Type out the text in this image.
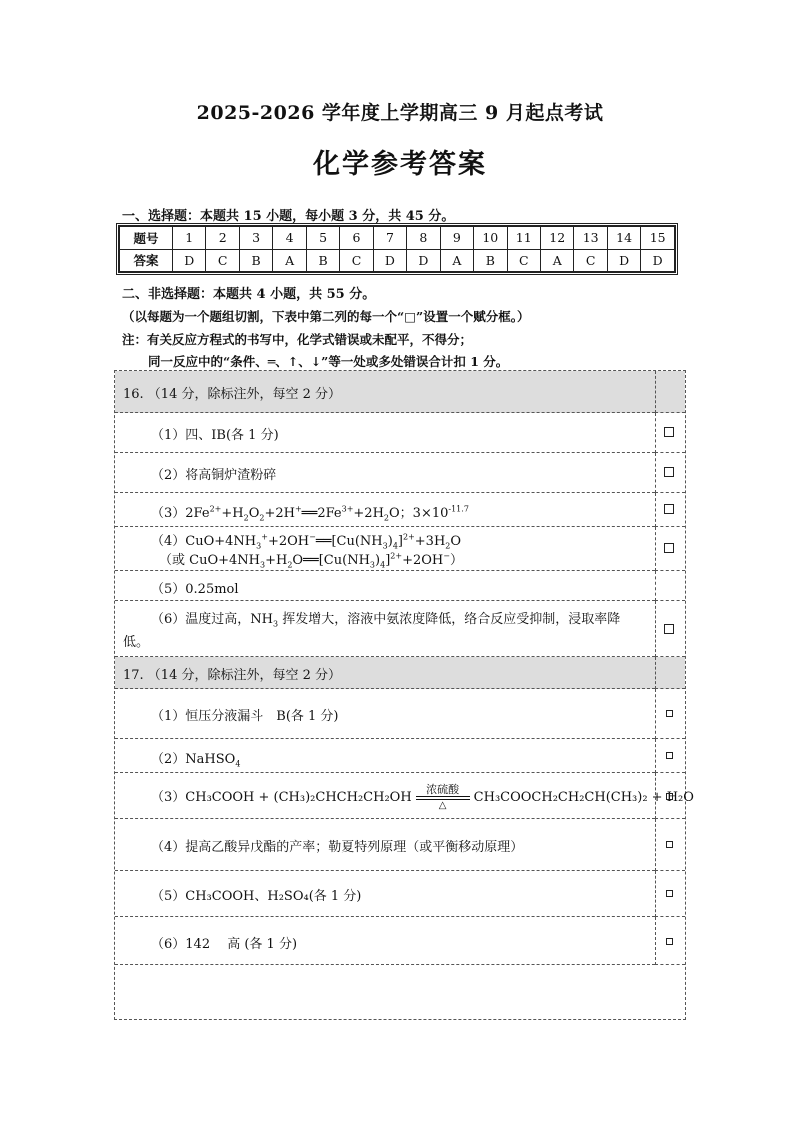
2025-2026 学年度上学期高三 9 月起点考试
化学参考答案
一、选择题：本题共 15 小题，每小题 3 分，共 45 分。
题号	1	2	3	4	5	6	7	8	9	10	11	12	13	14	15
答案	D	C	B	A	B	C	D	D	A	B	C	A	C	D	D
二、非选择题：本题共 4 小题，共 55 分。
（以每题为一个题组切割，下表中第二列的每一个“□”设置一个赋分框。）
注：有关反应方程式的书写中，化学式错误或未配平，不得分；
同一反应中的“条件、═、↑、↓”等一处或多处错误合计扣 1 分。
16. （14 分，除标注外，每空 2 分）
（1）四、IB(各 1 分)
（2）将高铜炉渣粉碎
$(3)2Fe^{2+}+H_2O_2+2H^+══2Fe^{3+}+2H_2O$；$3\times 10^{-11.7}$
$(4)CuO+4NH_3^++2OH^-══[Cu(NH_3)_4]^{2+}+3H_2O$
（或 $CuO+4NH_3+H_2O══[Cu(NH_3)_4]^{2+}+2OH^-$）
（5）0.25mol
（6）温度过高，$NH_3$ 挥发增大，溶液中氨浓度降低，络合反应受抑制，浸取率降
低。
17. （14 分，除标注外，每空 2 分）
（1）恒压分液漏斗　B(各 1 分)
（2）NaHSO$_4$
（3）CH₃COOH + (CH₃)₂CHCH₂CH₂OH
浓硫酸
△
CH₃COOCH₂CH₂CH(CH₃)₂ + H₂O
（4）提高乙酸异戊酯的产率；勒夏特列原理（或平衡移动原理）
（5）CH₃COOH、H₂SO₄(各 1 分)
（6）142　 高 (各 1 分)
